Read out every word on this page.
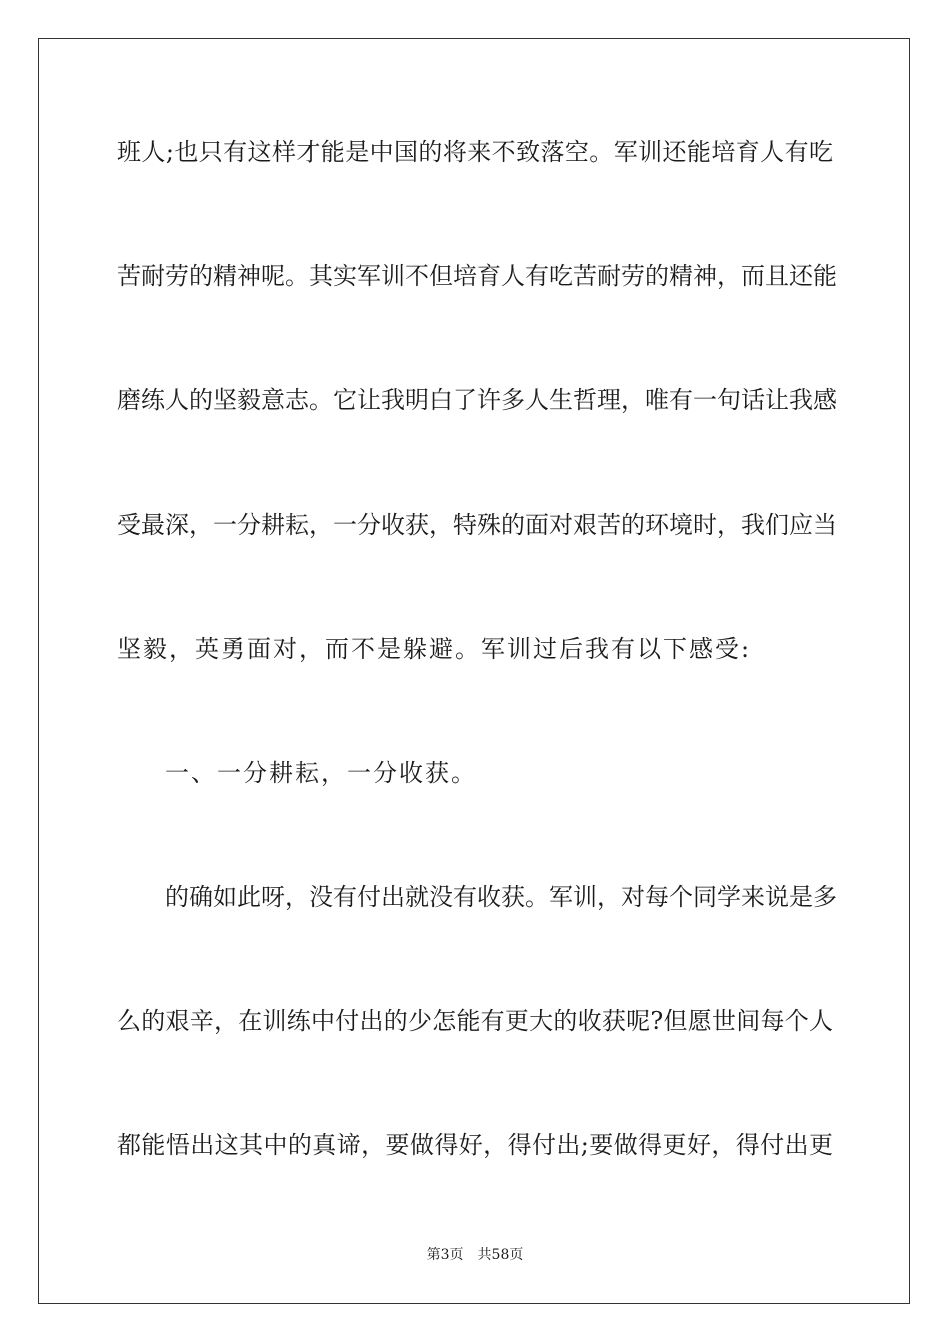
班人;也只有这样才能是中国的将来不致落空。军训还能培育人有吃
苦耐劳的精神呢。其实军训不但培育人有吃苦耐劳的精神，而且还能
磨练人的坚毅意志。它让我明白了许多人生哲理，唯有一句话让我感
受最深，一分耕耘，一分收获，特殊的面对艰苦的环境时，我们应当
坚毅，英勇面对，而不是躲避。军训过后我有以下感受:
一、一分耕耘，一分收获。
的确如此呀，没有付出就没有收获。军训，对每个同学来说是多
么的艰辛，在训练中付出的少怎能有更大的收获呢?但愿世间每个人
都能悟出这其中的真谛，要做得好，得付出;要做得更好，得付出更
第3页 共58页
